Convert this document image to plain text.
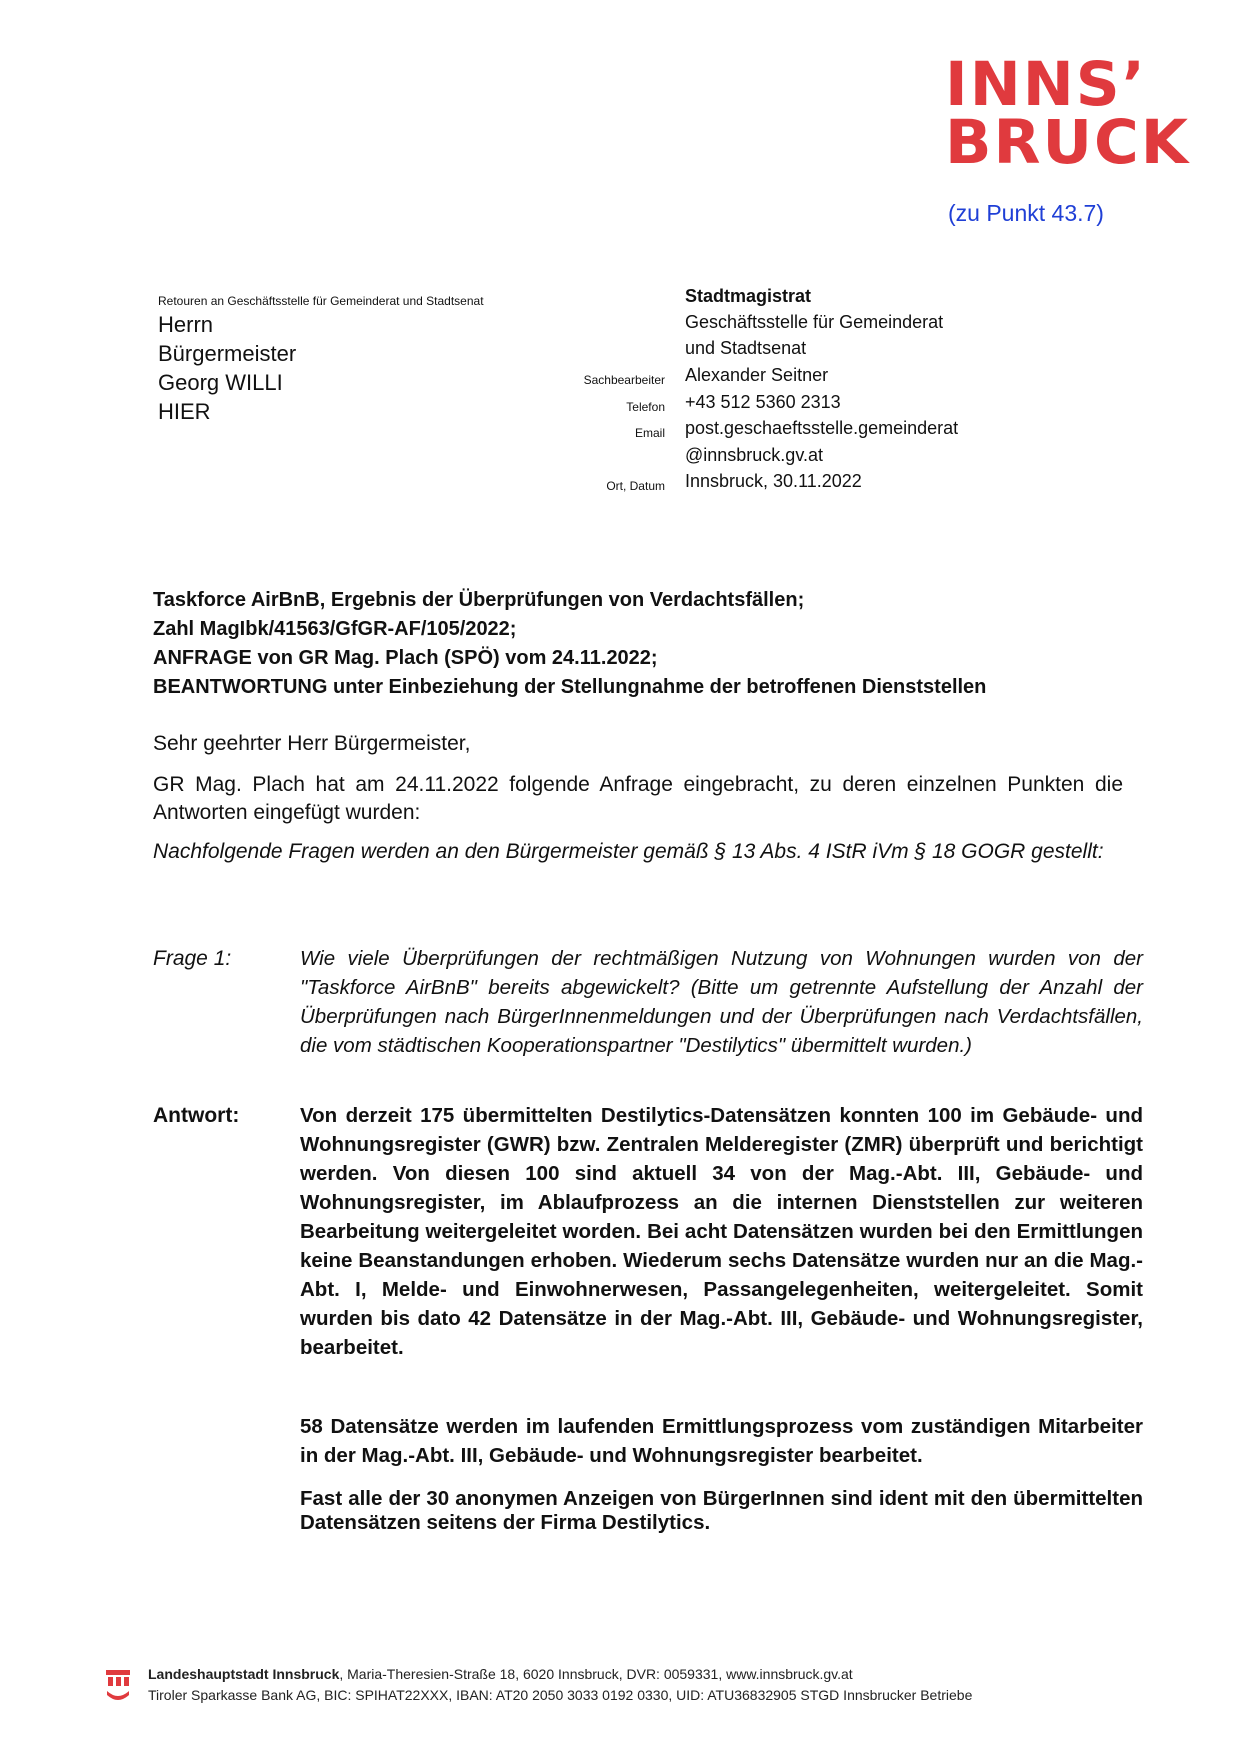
INNS’
BRUCK
(zu Punkt 43.7)
Retouren an Geschäftsstelle für Gemeinderat und Stadtsenat
Herrn
Bürgermeister
Georg WILLI
HIER
Stadtmagistrat
Geschäftsstelle für Gemeinderat
und Stadtsenat
Sachbearbeiter Alexander Seitner
Telefon +43 512 5360 2313
Email post.geschaeftsstelle.gemeinderat
@innsbruck.gv.at
Ort, Datum Innsbruck, 30.11.2022
Taskforce AirBnB, Ergebnis der Überprüfungen von Verdachtsfällen;
Zahl MagIbk/41563/GfGR-AF/105/2022;
ANFRAGE von GR Mag. Plach (SPÖ) vom 24.11.2022;
BEANTWORTUNG unter Einbeziehung der Stellungnahme der betroffenen Dienststellen
Sehr geehrter Herr Bürgermeister,
GR Mag. Plach hat am 24.11.2022 folgende Anfrage eingebracht, zu deren einzelnen Punkten die Antworten eingefügt wurden:
Nachfolgende Fragen werden an den Bürgermeister gemäß § 13 Abs. 4 IStR iVm § 18 GOGR gestellt:
Frage 1:	Wie viele Überprüfungen der rechtmäßigen Nutzung von Wohnungen wurden von der "Taskforce AirBnB" bereits abgewickelt? (Bitte um getrennte Aufstellung der Anzahl der Überprüfungen nach BürgerInnenmeldungen und der Überprüfungen nach Verdachtsfällen, die vom städtischen Kooperationspartner "Destilytics" übermittelt wurden.)
Antwort:	Von derzeit 175 übermittelten Destilytics-Datensätzen konnten 100 im Gebäude- und Wohnungsregister (GWR) bzw. Zentralen Melderegister (ZMR) überprüft und berichtigt werden. Von diesen 100 sind aktuell 34 von der Mag.-Abt. III, Gebäude- und Wohnungsregister, im Ablaufprozess an die internen Dienststellen zur weiteren Bearbeitung weitergeleitet worden. Bei acht Datensätzen wurden bei den Ermittlungen keine Beanstandungen erhoben. Wiederum sechs Datensätze wurden nur an die Mag.-Abt. I, Melde- und Einwohnerwesen, Passangelegenheiten, weitergeleitet. Somit wurden bis dato 42 Datensätze in der Mag.-Abt. III, Gebäude- und Wohnungsregister, bearbeitet.
58 Datensätze werden im laufenden Ermittlungsprozess vom zuständigen Mitarbeiter in der Mag.-Abt. III, Gebäude- und Wohnungsregister bearbeitet.
Fast alle der 30 anonymen Anzeigen von BürgerInnen sind ident mit den übermittelten Datensätzen seitens der Firma Destilytics.
Landeshauptstadt Innsbruck, Maria-Theresien-Straße 18, 6020 Innsbruck, DVR: 0059331, www.innsbruck.gv.at
Tiroler Sparkasse Bank AG, BIC: SPIHAT22XXX, IBAN: AT20 2050 3033 0192 0330, UID: ATU36832905 STGD Innsbrucker Betriebe
